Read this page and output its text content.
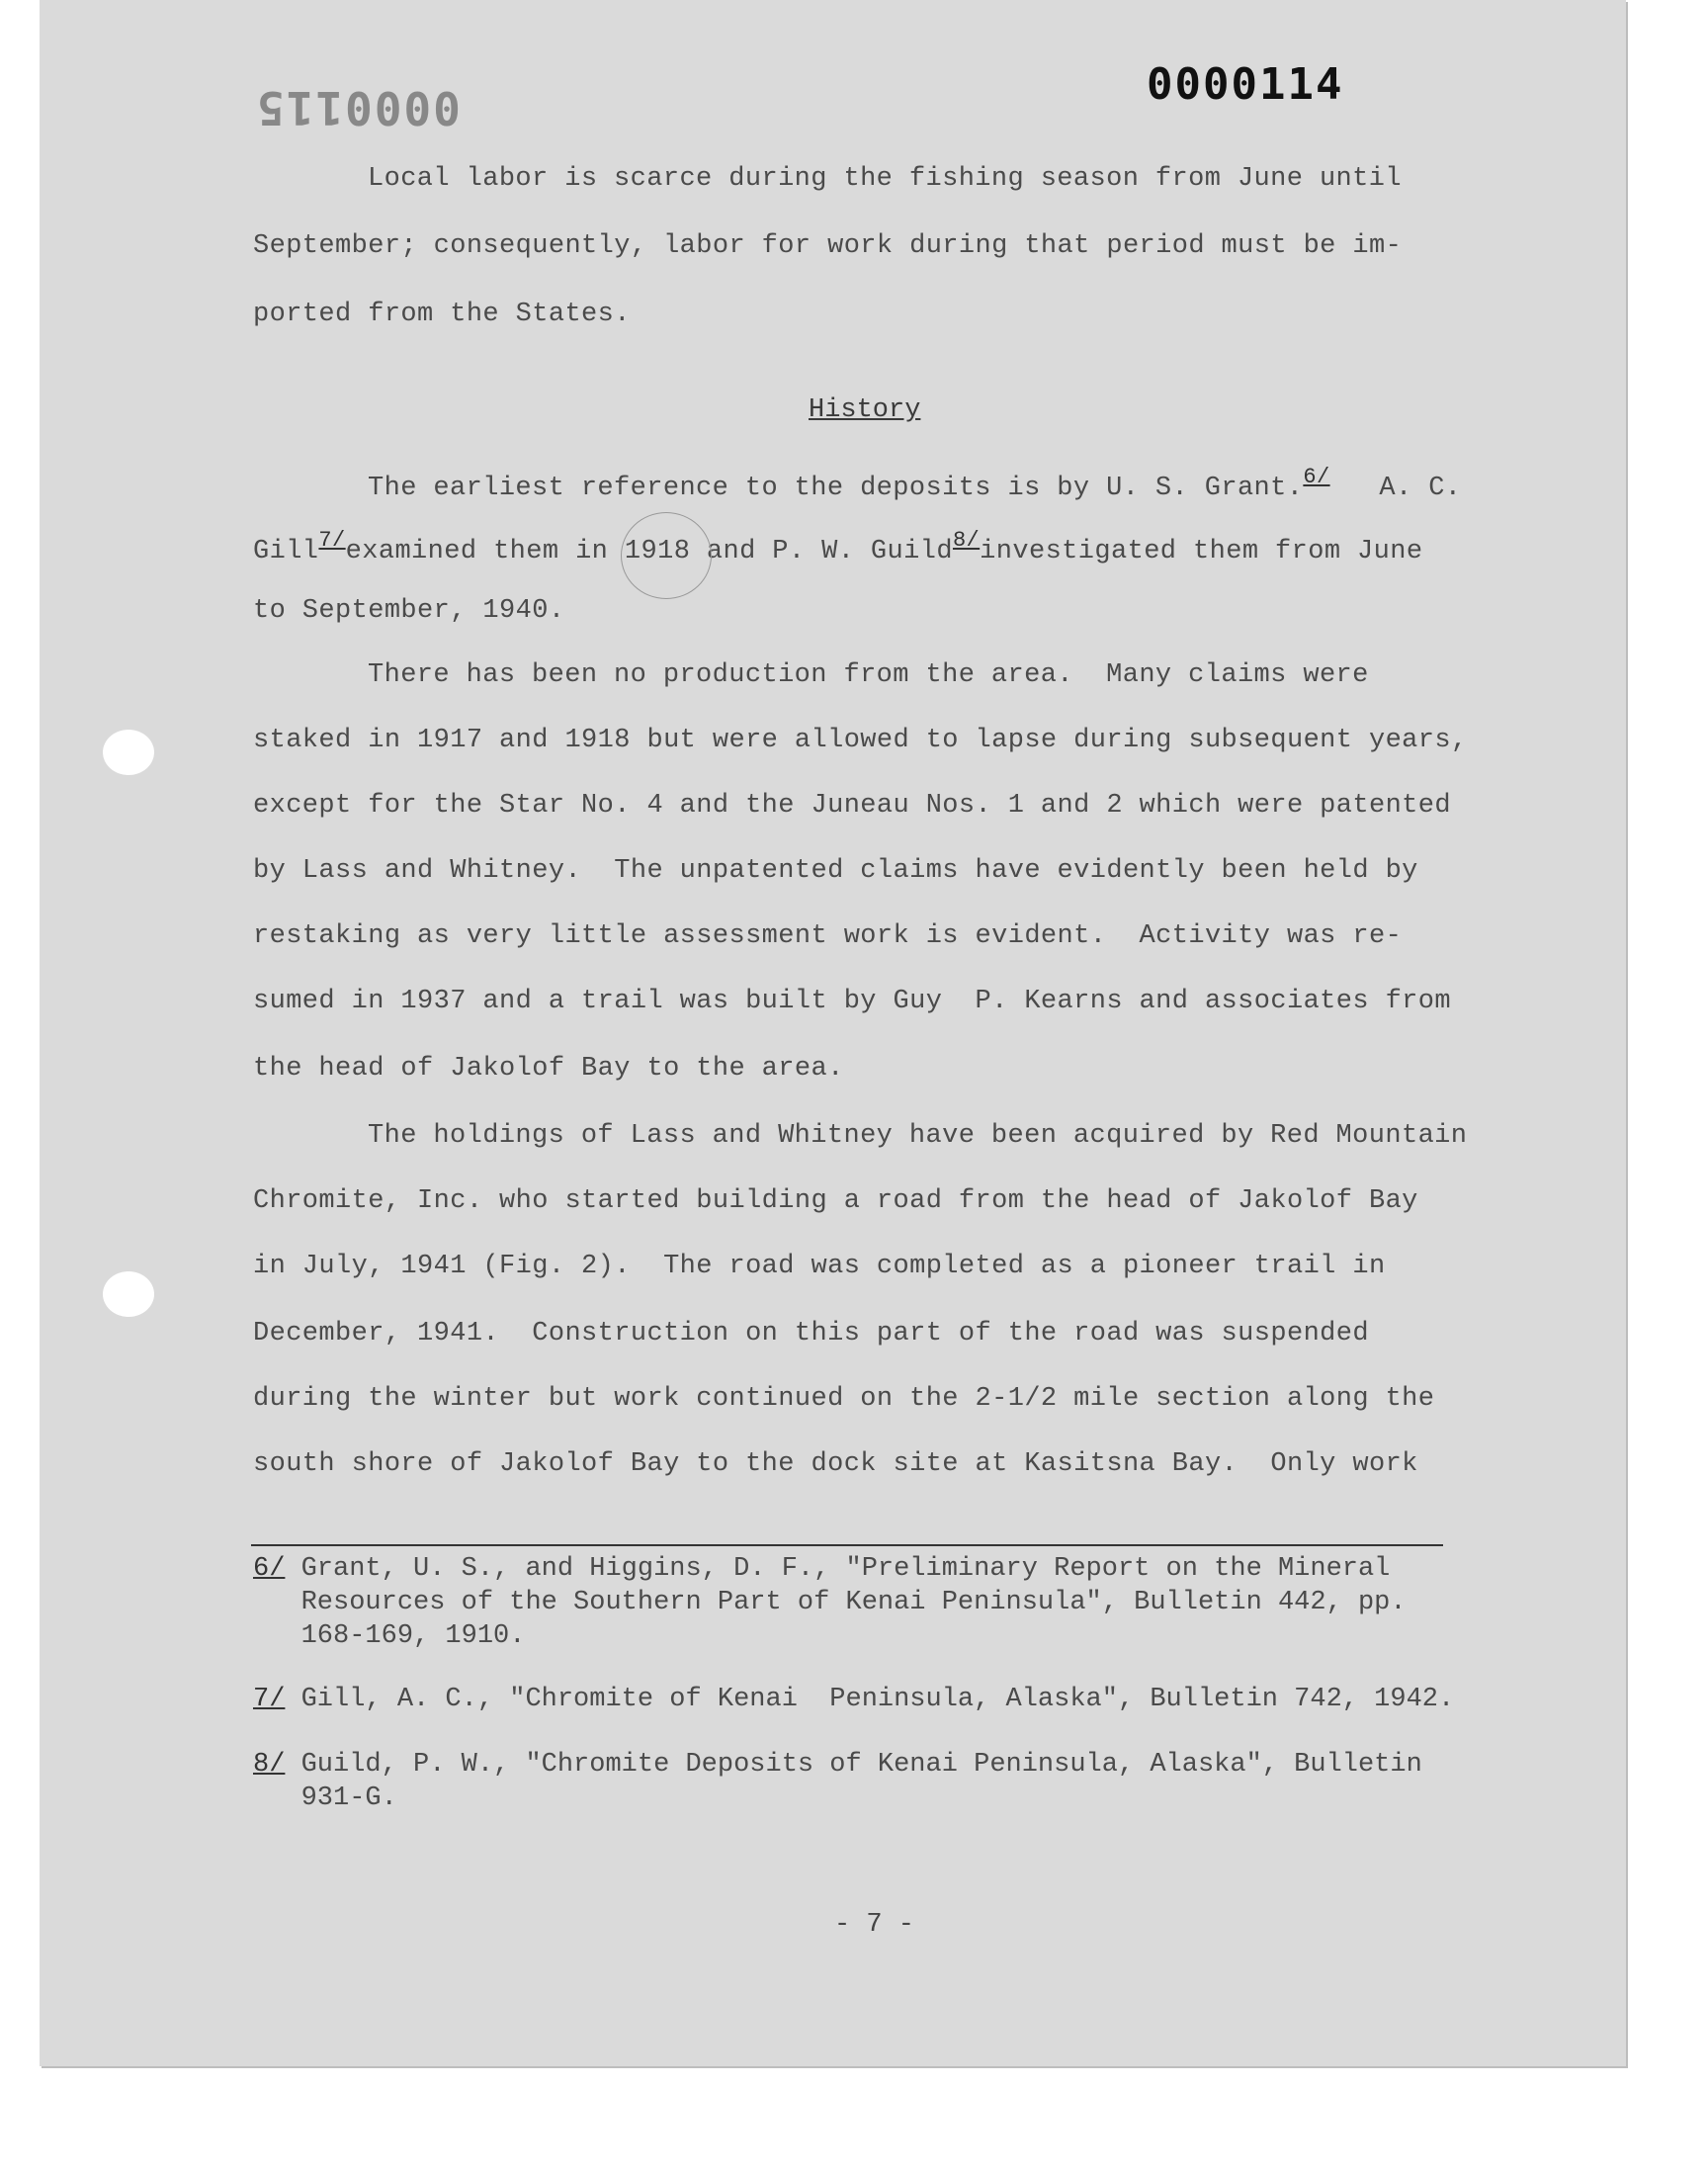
0000114
0000115
Local labor is scarce during the fishing season from June until
September; consequently, labor for work during that period must be im-
ported from the States.
History
The earliest reference to the deposits is by U. S. Grant.$^{6/}$   A. C.
Gill$^{7/}$examined them in 1918 and P. W. Guild$^{8/}$investigated them from June
to September, 1940.
There has been no production from the area.  Many claims were
staked in 1917 and 1918 but were allowed to lapse during subsequent years,
except for the Star No. 4 and the Juneau Nos. 1 and 2 which were patented
by Lass and Whitney.  The unpatented claims have evidently been held by
restaking as very little assessment work is evident.  Activity was re-
sumed in 1937 and a trail was built by Guy  P. Kearns and associates from
the head of Jakolof Bay to the area.
The holdings of Lass and Whitney have been acquired by Red Mountain
Chromite, Inc. who started building a road from the head of Jakolof Bay
in July, 1941 (Fig. 2).  The road was completed as a pioneer trail in
December, 1941.  Construction on this part of the road was suspended
during the winter but work continued on the 2-1/2 mile section along the
south shore of Jakolof Bay to the dock site at Kasitsna Bay.  Only work
6/ Grant, U. S., and Higgins, D. F., "Preliminary Report on the Mineral
Resources of the Southern Part of Kenai Peninsula", Bulletin 442, pp.
168-169, 1910.
7/ Gill, A. C., "Chromite of Kenai  Peninsula, Alaska", Bulletin 742, 1942.
8/ Guild, P. W., "Chromite Deposits of Kenai Peninsula, Alaska", Bulletin
931-G.
- 7 -
